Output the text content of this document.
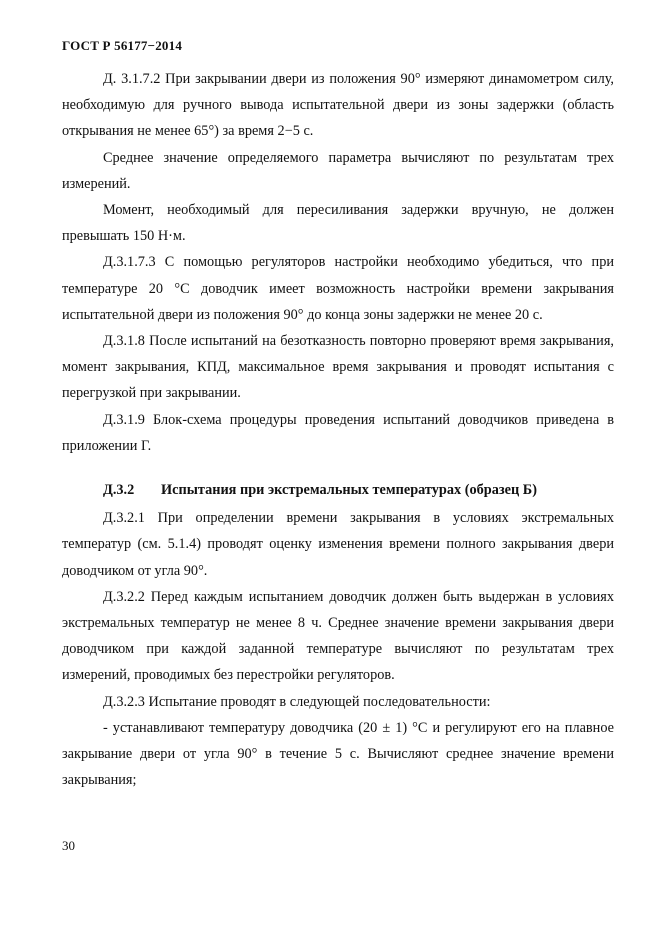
ГОСТ Р 56177−2014

Д. 3.1.7.2 При закрывании двери из положения 90° измеряют динамометром силу, необходимую для ручного вывода испытательной двери из зоны задержки (область открывания не менее 65°) за время 2−5 с.

Среднее значение определяемого параметра вычисляют по результатам трех измерений.

Момент, необходимый для пересиливания задержки вручную, не должен превышать 150 Н·м.

Д.3.1.7.3 С помощью регуляторов настройки необходимо убедиться, что при температуре 20 °С доводчик имеет возможность настройки времени закрывания испытательной двери из положения 90° до конца зоны задержки не менее 20 с.

Д.3.1.8 После испытаний на безотказность повторно проверяют время закрывания, момент закрывания, КПД, максимальное время закрывания и проводят испытания с перегрузкой при закрывании.

Д.3.1.9 Блок-схема процедуры проведения испытаний доводчиков приведена в приложении Г.

Д.3.2 Испытания при экстремальных температурах (образец Б)

Д.3.2.1 При определении времени закрывания в условиях экстремальных температур (см. 5.1.4) проводят оценку изменения времени полного закрывания двери доводчиком от угла 90°.

Д.3.2.2 Перед каждым испытанием доводчик должен быть выдержан в условиях экстремальных температур не менее 8 ч. Среднее значение времени закрывания двери доводчиком при каждой заданной температуре вычисляют по результатам трех измерений, проводимых без перестройки регуляторов.

Д.3.2.3 Испытание проводят в следующей последовательности:

- устанавливают температуру доводчика (20 ± 1) °С и регулируют его на плавное закрывание двери от угла 90° в течение 5 с. Вычисляют среднее значение времени закрывания;

30
